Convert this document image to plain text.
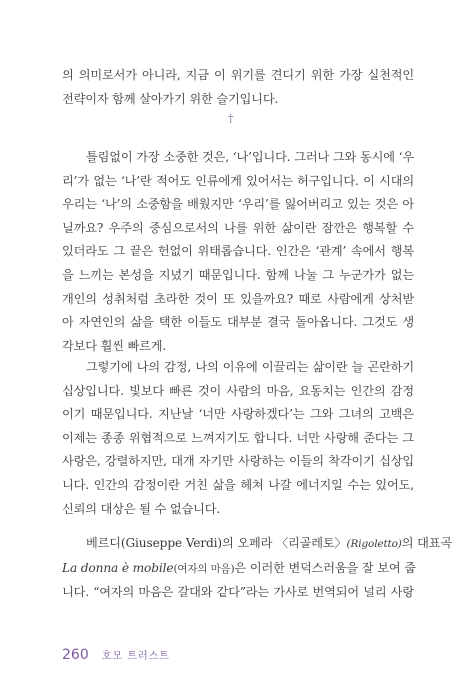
의 의미로서가 아니라, 지금 이 위기를 견디기 위한 가장 실천적인
전략이자 함께 살아가기 위한 슬기입니다.
†
틀림없이 가장 소중한 것은, ‘나’입니다. 그러나 그와 동시에 ‘우
리’가 없는 ‘나’란 적어도 인류에게 있어서는 허구입니다. 이 시대의
우리는 ‘나’의 소중함을 배웠지만 ‘우리’를 잃어버리고 있는 것은 아
닐까요? 우주의 중심으로서의 나를 위한 삶이란 잠깐은 행복할 수
있더라도 그 끝은 헌없이 위태롭습니다. 인간은 ‘관계’ 속에서 행복
을 느끼는 본성을 지녔기 때문입니다. 함께 나눌 그 누군가가 없는
개인의 성취처럼 초라한 것이 또 있을까요? 때로 사람에게 상처받
아 자연인의 삶을 택한 이들도 대부분 결국 돌아옵니다. 그것도 생
각보다 훨씬 빠르게.
그렇기에 나의 감정, 나의 이유에 이끌리는 삶이란 늘 곤란하기
십상입니다. 빛보다 빠른 것이 사람의 마음, 요동치는 인간의 감정
이기 때문입니다. 지난날 ‘너만 사랑하겠다’는 그와 그녀의 고백은
이제는 종종 위협적으로 느껴지기도 합니다. 너만 사랑해 준다는 그
사랑은, 강렬하지만, 대개 자기만 사랑하는 이들의 착각이기 십상입
니다. 인간의 감정이란 거친 삶을 헤쳐 나갈 에너지일 수는 있어도,
신뢰의 대상은 될 수 없습니다.
베르디(Giuseppe Verdi)의 오페라 〈리골레토〉(Rigoletto)의 대표곡
La donna è mobile(여자의 마음)은 이러한 변덕스러움을 잘 보여 줍
니다. “여자의 마음은 갈대와 같다”라는 가사로 번역되어 널리 사랑
260 호모 트러스트
